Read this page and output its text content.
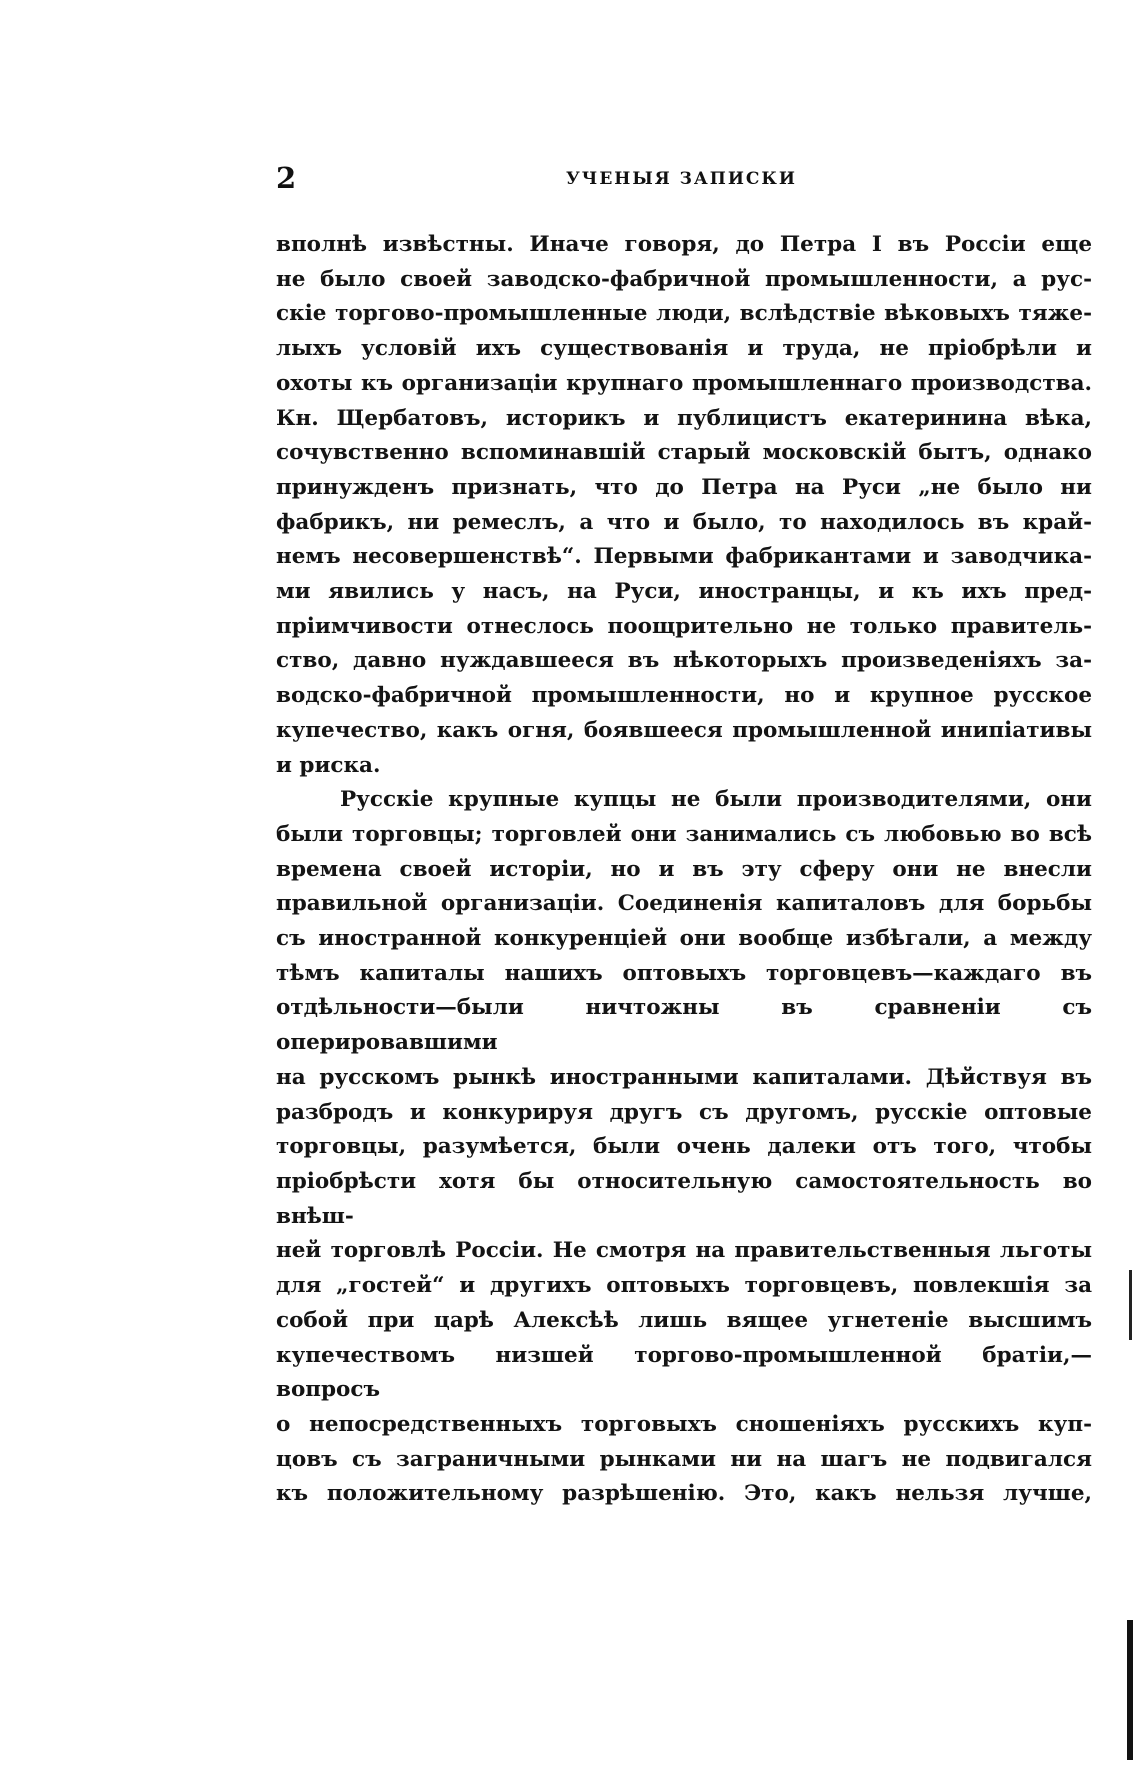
2	УЧЕНЫЯ ЗАПИСКИ

вполнѣ извѣстны. Иначе говоря, до Петра I въ Россіи еще

не было своей заводско-фабричной промышленности, а рус-

скіе торгово-промышленные люди, вслѣдствіе вѣковыхъ тяже-

лыхъ условій ихъ существованія и труда, не пріобрѣли и

охоты къ организаціи крупнаго промышленнаго производства.

Кн. Щербатовъ, историкъ и публицистъ екатеринина вѣка,

сочувственно вспоминавшій старый московскій бытъ, однако

принужденъ признать, что до Петра на Руси „не было ни

фабрикъ, ни ремеслъ, а что и было, то находилось въ край-

немъ несовершенствѣ“. Первыми фабрикантами и заводчика-

ми явились у насъ, на Руси, иностранцы, и къ ихъ пред-

пріимчивости отнеслось поощрительно не только правитель-

ство, давно нуждавшееся въ нѣкоторыхъ произведеніяхъ за-

водско-фабричной промышленности, но и крупное русское

купечество, какъ огня, боявшееся промышленной инипіативы

и риска.

Русскіе крупные купцы не были производителями, они

были торговцы; торговлей они занимались съ любовью во всѣ

времена своей исторіи, но и въ эту сферу они не внесли

правильной организаціи. Соединенія капиталовъ для борьбы

съ иностранной конкуренціей они вообще избѣгали, а между

тѣмъ капиталы нашихъ оптовыхъ торговцевъ—каждаго въ

отдѣльности—были ничтожны въ сравненіи съ оперировавшими

на русскомъ рынкѣ иностранными капиталами. Дѣйствуя въ

разбродъ и конкурируя другъ съ другомъ, русскіе оптовые

торговцы, разумѣется, были очень далеки отъ того, чтобы

пріобрѣсти хотя бы относительную самостоятельность во внѣш-

ней торговлѣ Россіи. Не смотря на правительственныя льготы

для „гостей“ и другихъ оптовыхъ торговцевъ, повлекшія за

собой при царѣ Алексѣѣ лишь вящее угнетеніе высшимъ

купечествомъ низшей торгово-промышленной братіи,—вопросъ

о непосредственныхъ торговыхъ сношеніяхъ русскихъ куп-

цовъ съ заграничными рынками ни на шагъ не подвигался

къ положительному разрѣшенію. Это, какъ нельзя лучше,
